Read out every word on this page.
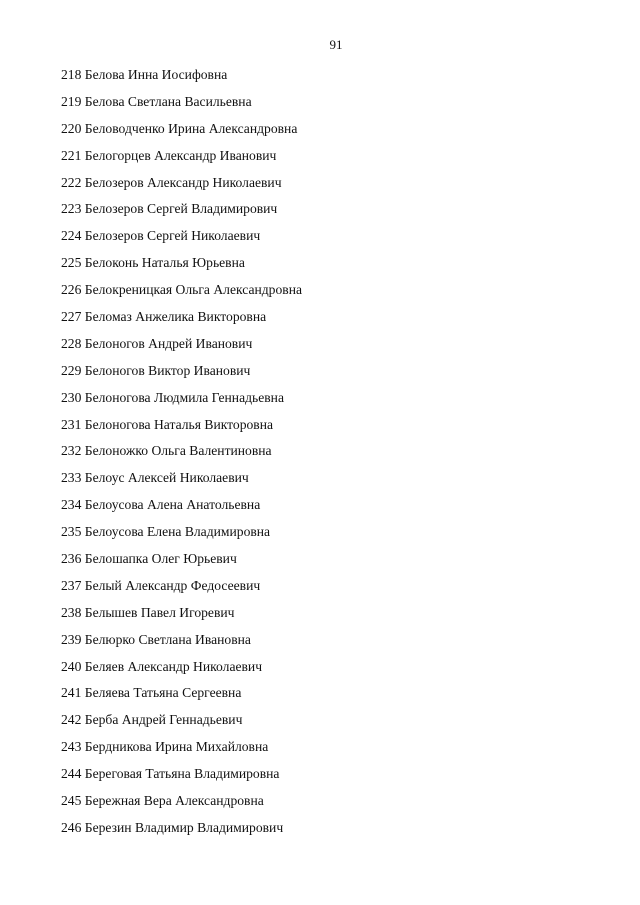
91
218 Белова Инна Иосифовна
219 Белова Светлана Васильевна
220 Беловодченко Ирина Александровна
221 Белогорцев Александр Иванович
222 Белозеров Александр Николаевич
223 Белозеров Сергей Владимирович
224 Белозеров Сергей Николаевич
225 Белоконь Наталья Юрьевна
226 Белокреницкая Ольга Александровна
227 Беломаз Анжелика Викторовна
228 Белоногов Андрей Иванович
229 Белоногов Виктор Иванович
230 Белоногова Людмила Геннадьевна
231 Белоногова Наталья Викторовна
232 Белоножко Ольга Валентиновна
233 Белоус Алексей Николаевич
234 Белоусова Алена Анатольевна
235 Белоусова Елена Владимировна
236 Белошапка Олег Юрьевич
237 Белый Александр Федосеевич
238 Белышев Павел Игоревич
239 Белюрко Светлана Ивановна
240 Беляев Александр Николаевич
241 Беляева Татьяна Сергеевна
242 Берба Андрей Геннадьевич
243 Бердникова Ирина Михайловна
244 Береговая Татьяна Владимировна
245 Бережная Вера Александровна
246 Березин Владимир Владимирович
